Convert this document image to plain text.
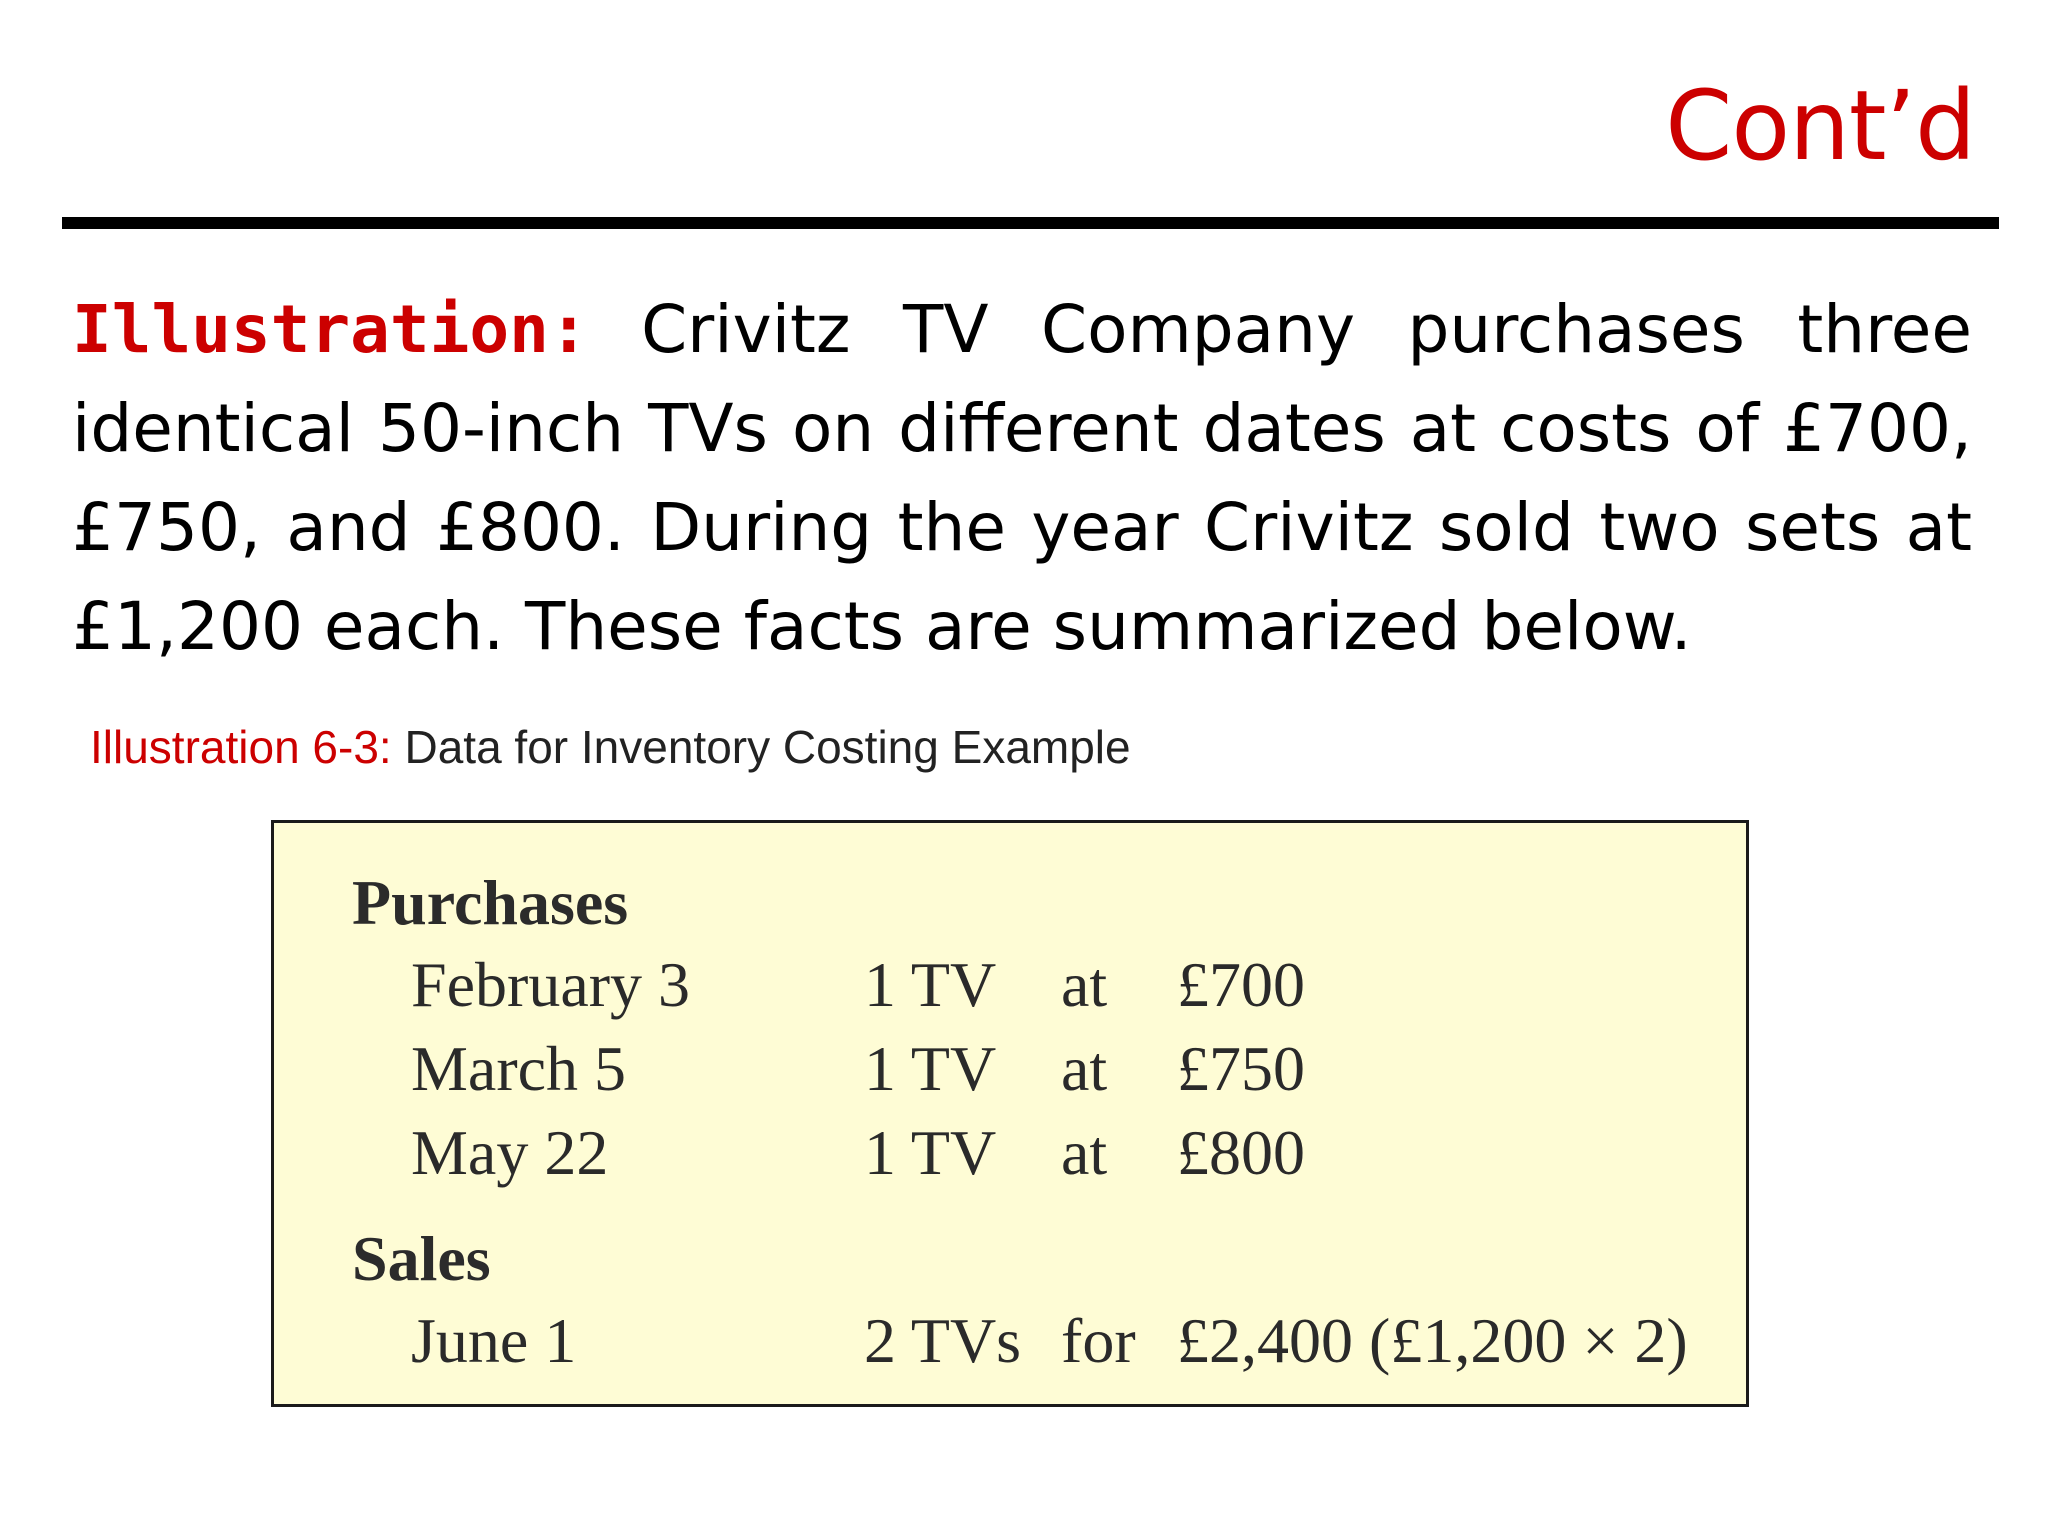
Cont’d
Illustration: Crivitz TV Company purchases three identical 50-inch TVs on different dates at costs of £700, £750, and £800. During the year Crivitz sold two sets at £1,200 each. These facts are summarized below.
Illustration 6-3: Data for Inventory Costing Example
Purchases
February 3	1 TV at £700
March 5	1 TV at £750
May 22	1 TV at £800
Sales
June 1	2 TVs for £2,400 (£1,200 × 2)
